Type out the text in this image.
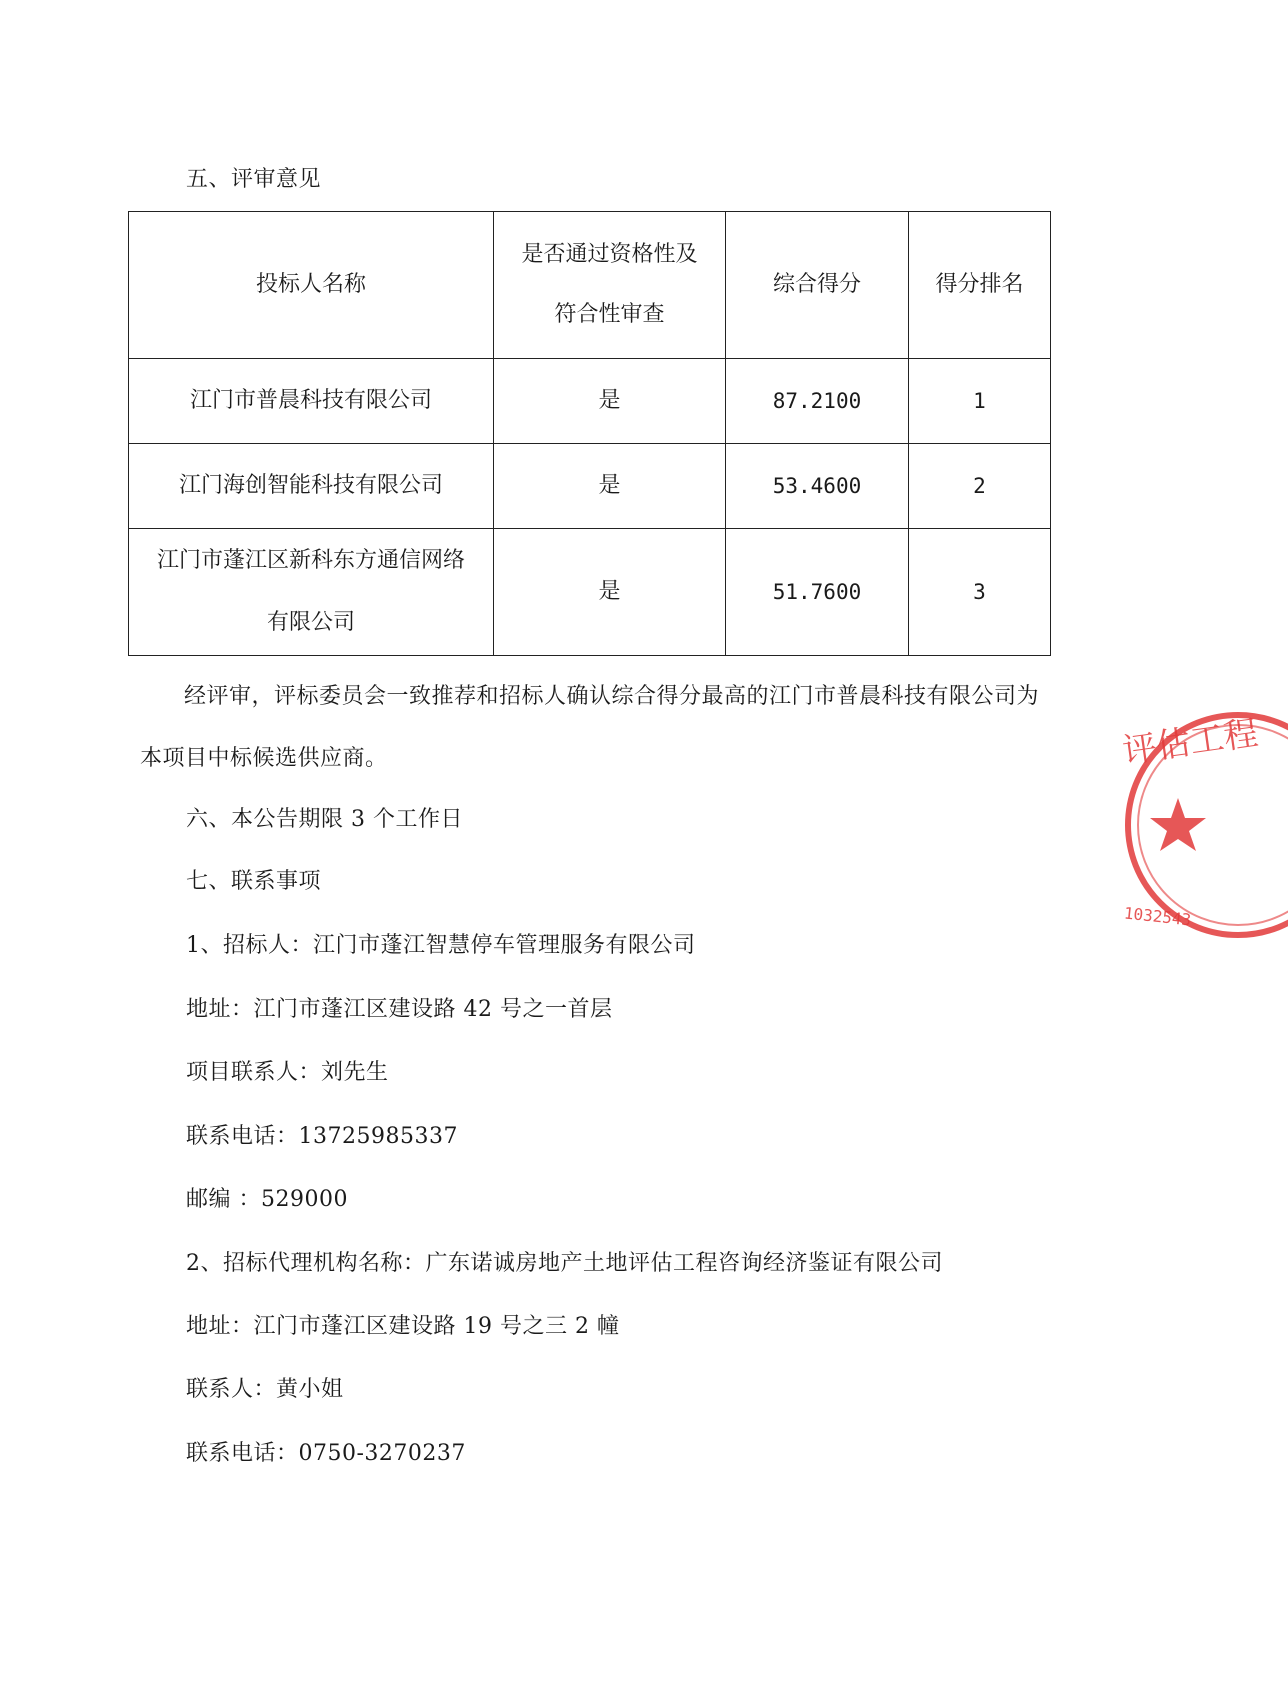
五、评审意见

投标人名称	是否通过资格性及
符合性审查	综合得分	得分排名
江门市普晨科技有限公司	是	87.2100	1
江门海创智能科技有限公司	是	53.4600	2
江门市蓬江区新科东方通信网络
有限公司	是	51.7600	3

经评审，评标委员会一致推荐和招标人确认综合得分最高的江门市普晨科技有限公司为本项目中标候选供应商。

六、本公告期限 3 个工作日

七、联系事项

1、招标人：江门市蓬江智慧停车管理服务有限公司

地址：江门市蓬江区建设路 42 号之一首层

项目联系人：刘先生

联系电话：13725985337

邮编 ：529000

2、招标代理机构名称：广东诺诚房地产土地评估工程咨询经济鉴证有限公司

地址：江门市蓬江区建设路 19 号之三 2 幢

联系人：黄小姐

联系电话：0750-3270237

评估工程
1032543
